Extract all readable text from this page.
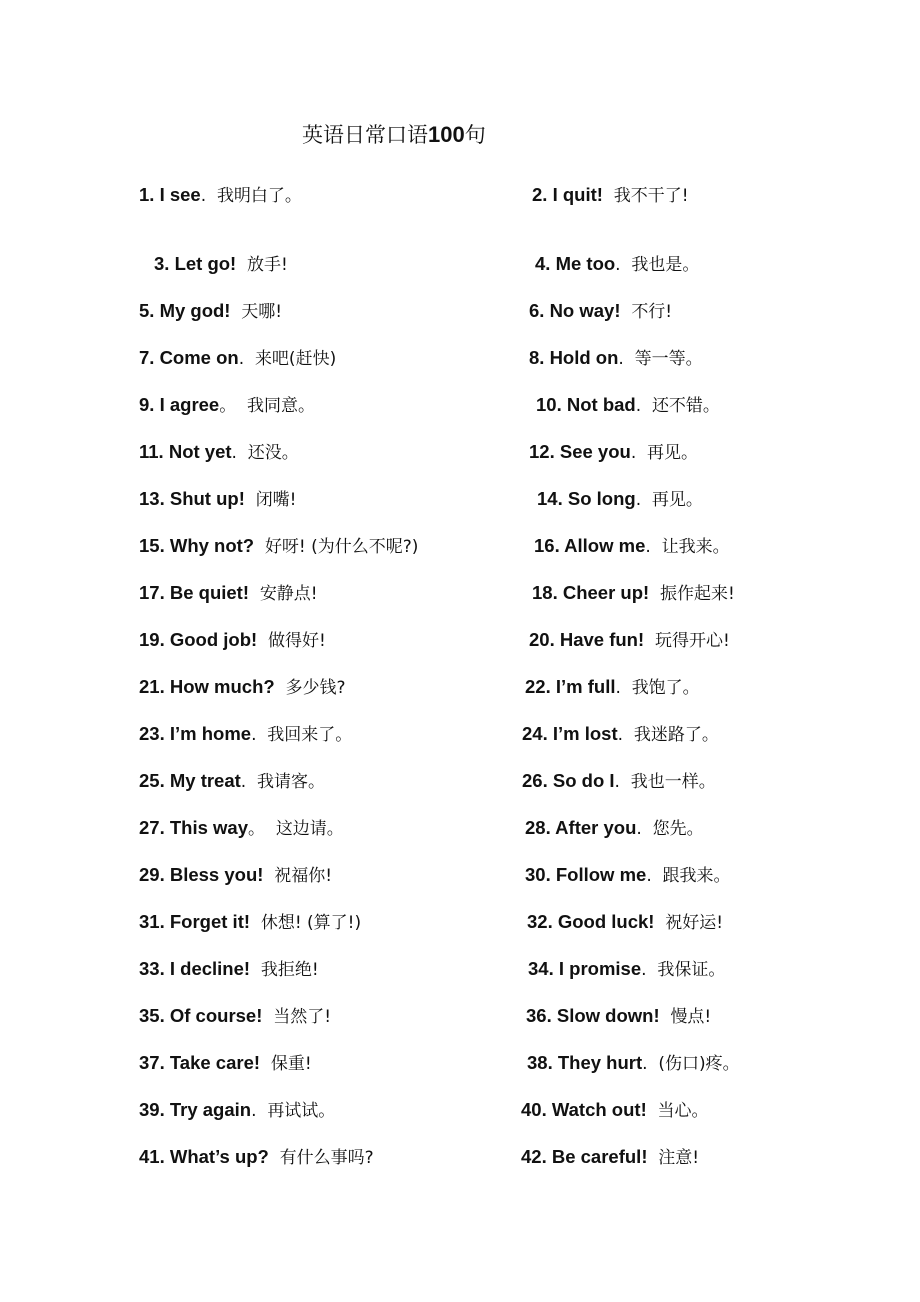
英语日常口语100句
1. I see.  我明白了。	2. I quit! 我不干了!
3. Let go! 放手!	4. Me too.  我也是。
5. My god! 天哪!	6. No way! 不行!
7. Come on.  来吧(赶快)	8. Hold on.  等一等。
9. I agree。  我同意。	10. Not bad.  还不错。
11. Not yet.  还没。	12. See you.  再见。
13. Shut up! 闭嘴!	14. So long.  再见。
15. Why not? 好呀! (为什么不呢?)	16. Allow me.  让我来。
17. Be quiet! 安静点!	18. Cheer up! 振作起来!
19. Good job! 做得好!	20. Have fun! 玩得开心!
21. How much? 多少钱?	22. I’m full.  我饱了。
23. I’m home.  我回来了。	24. I’m lost.  我迷路了。
25. My treat.  我请客。	26. So do I.  我也一样。
27. This way。  这边请。	28. After you.  您先。
29. Bless you! 祝福你!	30. Follow me.  跟我来。
31. Forget it! 休想! (算了!)	32. Good luck! 祝好运!
33. I decline! 我拒绝!	34. I promise.  我保证。
35. Of course! 当然了!	36. Slow down! 慢点!
37. Take care! 保重!	38. They hurt.  (伤口)疼。
39. Try again.  再试试。	40. Watch out! 当心。
41. What’s up? 有什么事吗?	42. Be careful! 注意!
